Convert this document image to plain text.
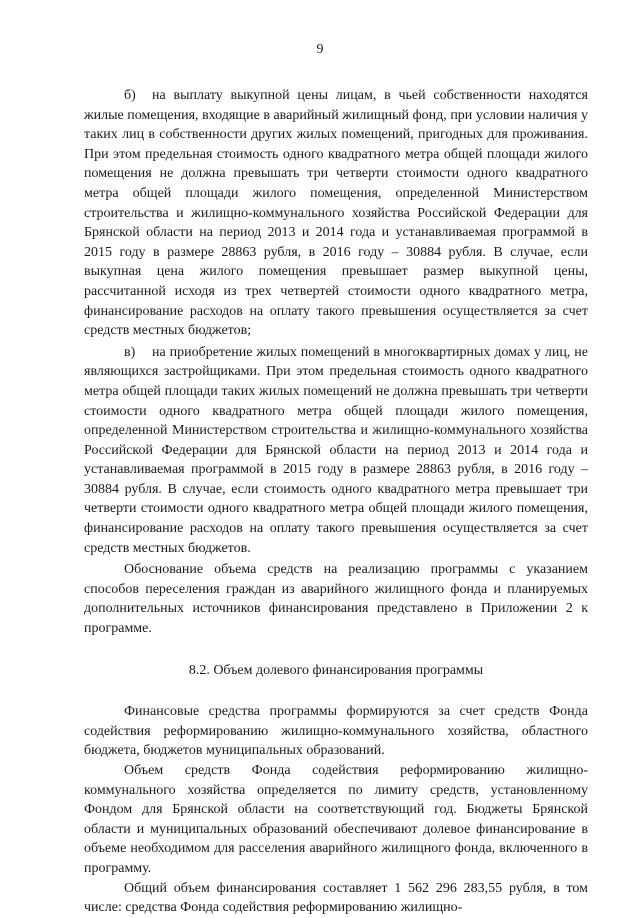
9

б) на выплату выкупной цены лицам, в чьей собственности находятся жилые помещения, входящие в аварийный жилищный фонд, при условии наличия у таких лиц в собственности других жилых помещений, пригодных для проживания. При этом предельная стоимость одного квадратного метра общей площади жилого помещения не должна превышать три четверти стоимости одного квадратного метра общей площади жилого помещения, определенной Министерством строительства и жилищно-коммунального хозяйства Российской Федерации для Брянской области на период 2013 и 2014 года и устанавливаемая программой в 2015 году в размере 28863 рубля, в 2016 году – 30884 рубля. В случае, если выкупная цена жилого помещения превышает размер выкупной цены, рассчитанной исходя из трех четвертей стоимости одного квадратного метра, финансирование расходов на оплату такого превышения осуществляется за счет средств местных бюджетов;

в) на приобретение жилых помещений в многоквартирных домах у лиц, не являющихся застройщиками. При этом предельная стоимость одного квадратного метра общей площади таких жилых помещений не должна превышать три четверти стоимости одного квадратного метра общей площади жилого помещения, определенной Министерством строительства и жилищно-коммунального хозяйства Российской Федерации для Брянской области на период 2013 и 2014 года и устанавливаемая программой в 2015 году в размере 28863 рубля, в 2016 году – 30884 рубля. В случае, если стоимость одного квадратного метра превышает три четверти стоимости одного квадратного метра общей площади жилого помещения, финансирование расходов на оплату такого превышения осуществляется за счет средств местных бюджетов.

Обоснование объема средств на реализацию программы с указанием способов переселения граждан из аварийного жилищного фонда и планируемых дополнительных источников финансирования представлено в Приложении 2 к программе.

8.2. Объем долевого финансирования программы

Финансовые средства программы формируются за счет средств Фонда содействия реформированию жилищно-коммунального хозяйства, областного бюджета, бюджетов муниципальных образований.

Объем средств Фонда содействия реформированию жилищно-коммунального хозяйства определяется по лимиту средств, установленному Фондом для Брянской области на соответствующий год. Бюджеты Брянской области и муниципальных образований обеспечивают долевое финансирование в объеме необходимом для расселения аварийного жилищного фонда, включенного в программу.

Общий объем финансирования составляет 1 562 296 283,55 рубля, в том числе: средства Фонда содействия реформированию жилищно-
